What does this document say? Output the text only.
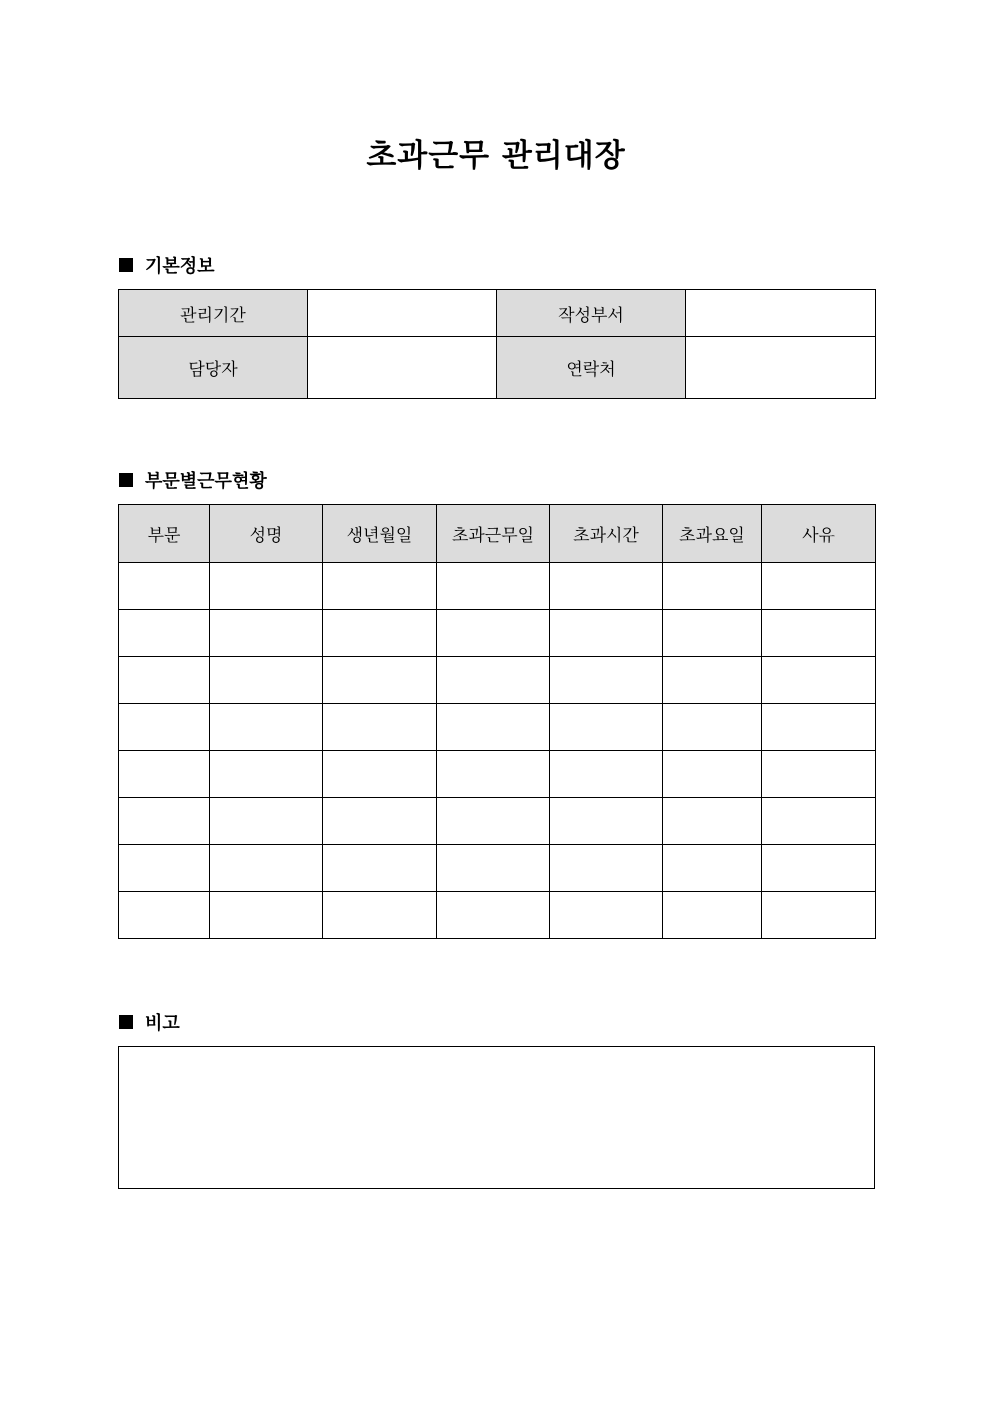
초과근무 관리대장
기본정보
관리기간		작성부서	
담당자		연락처	
부문별근무현황
부문	성명	생년월일	초과근무일	초과시간	초과요일	사유

비고
